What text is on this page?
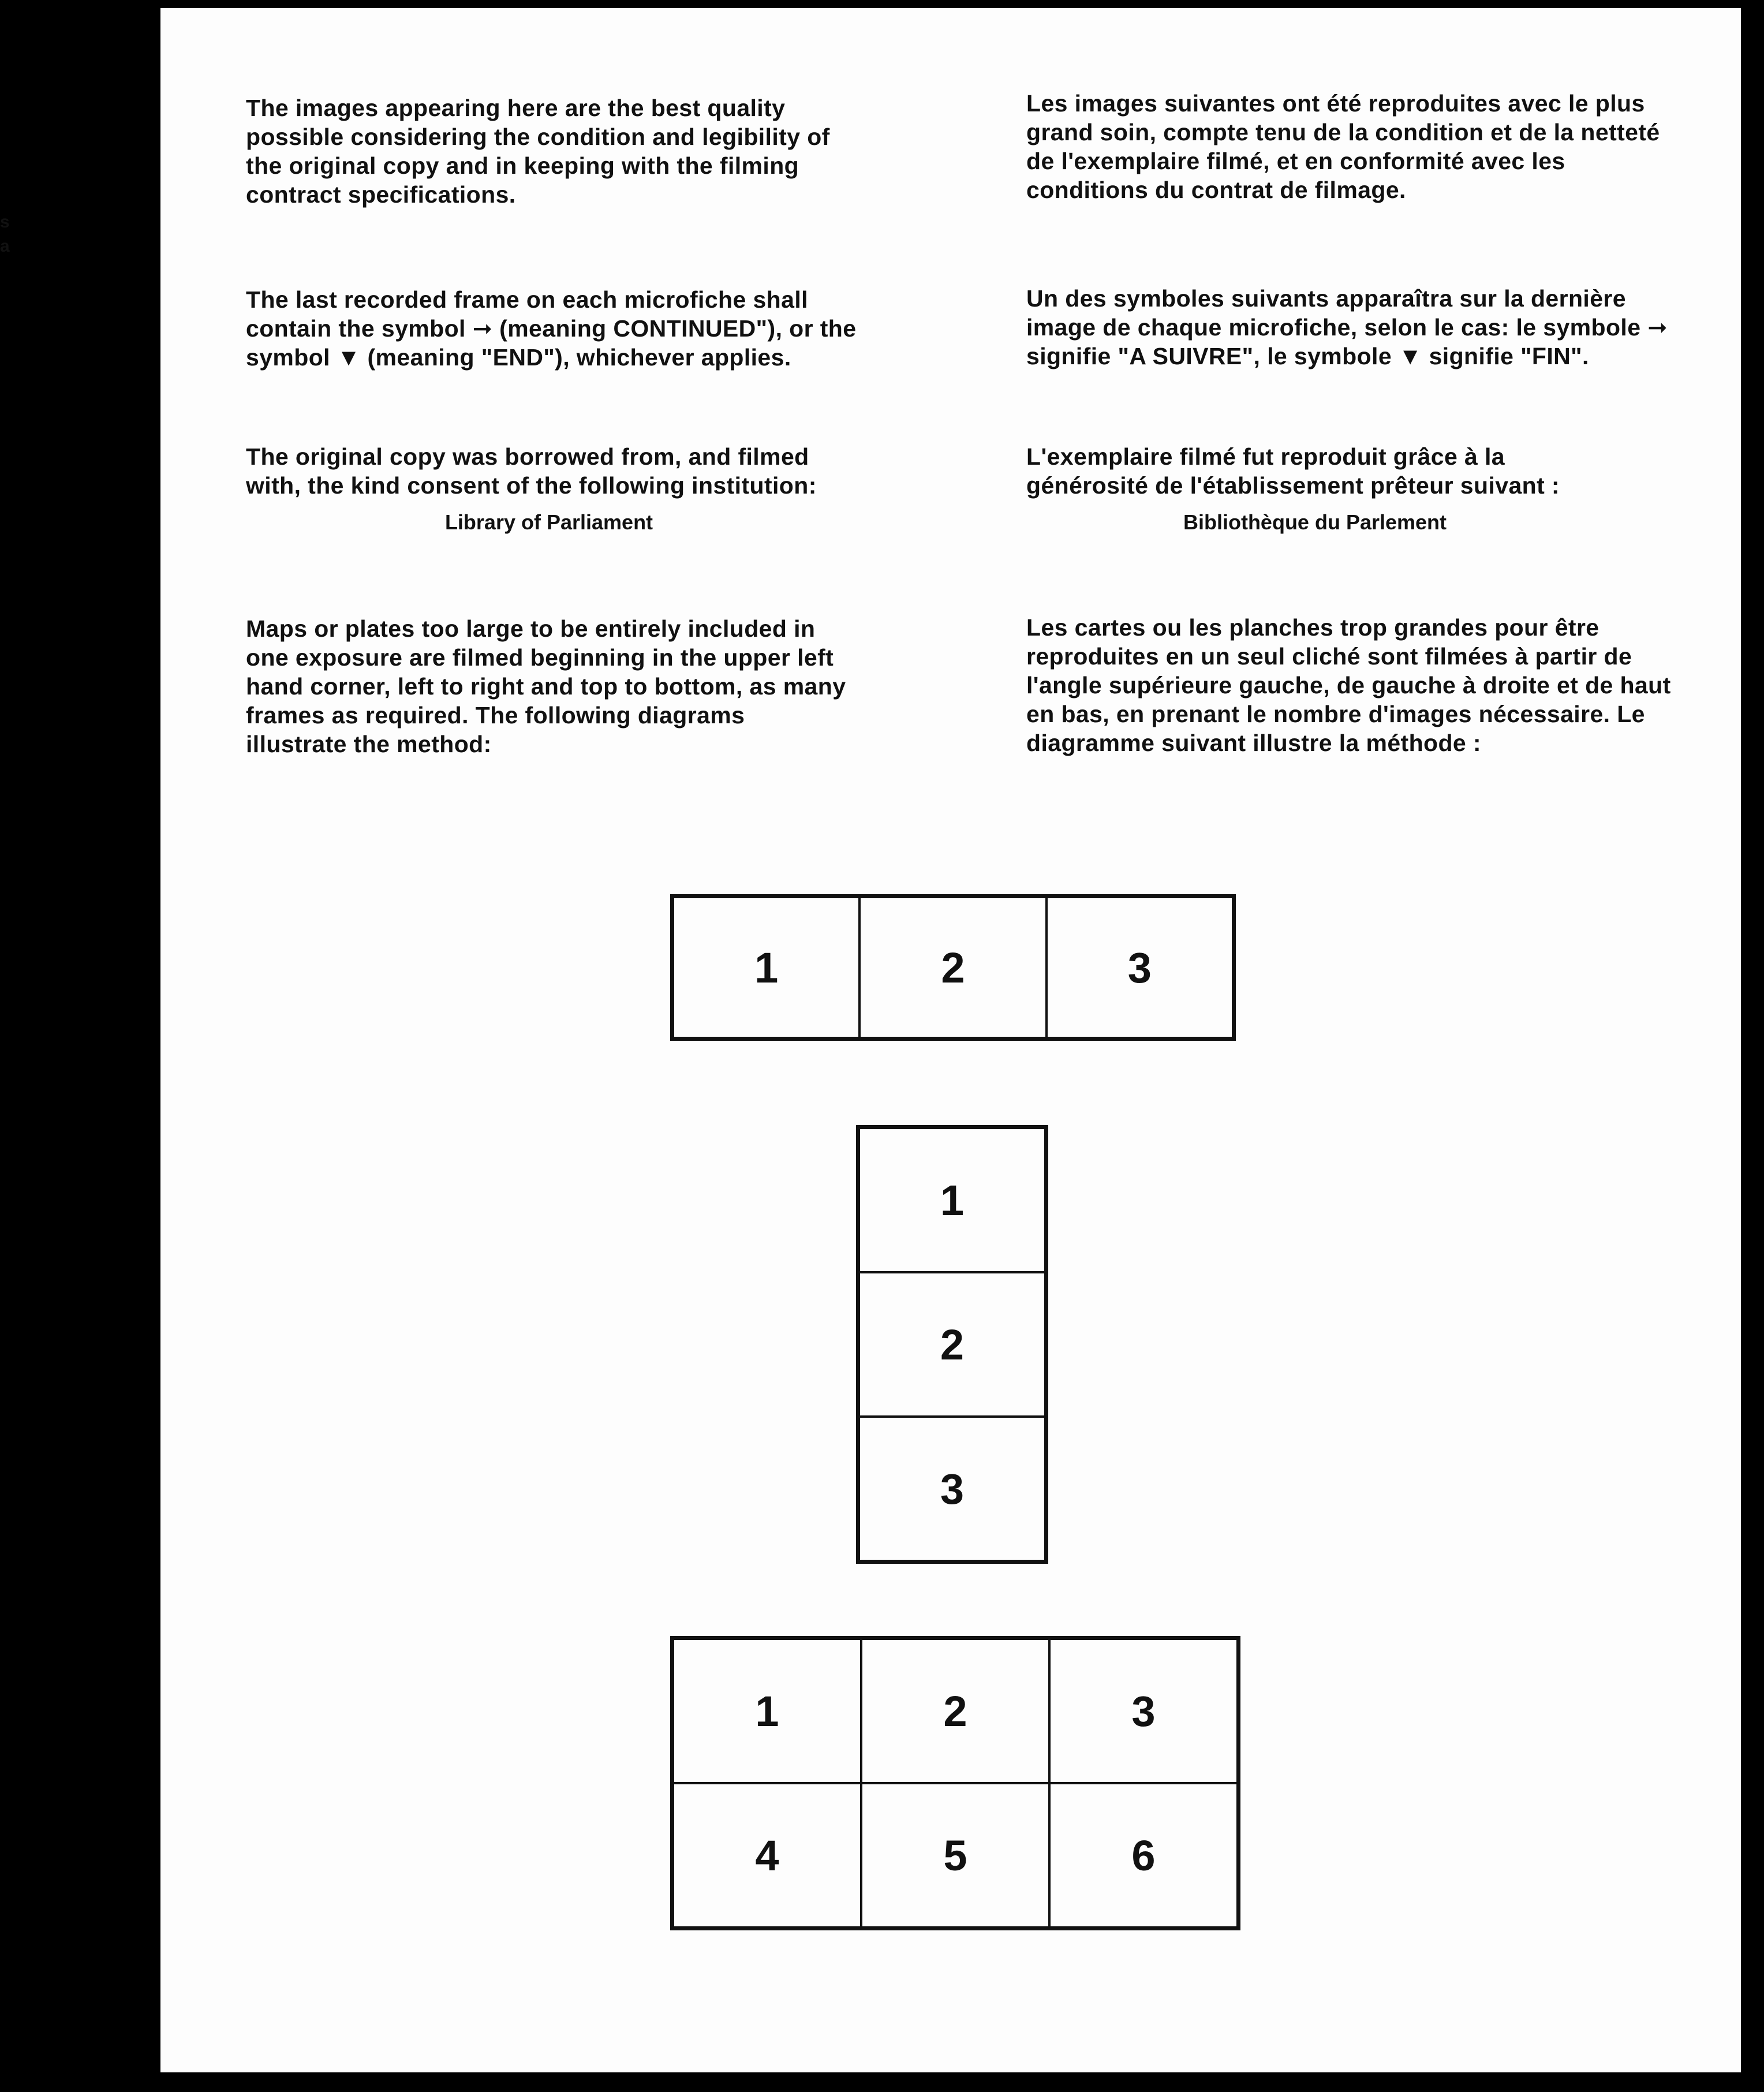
s
a

The images appearing here are the best quality possible considering the condition and legibility of the original copy and in keeping with the filming contract specifications.

The last recorded frame on each microfiche shall contain the symbol ➞ (meaning CONTINUED"), or the symbol ▼ (meaning "END"), whichever applies.

The original copy was borrowed from, and filmed with, the kind consent of the following institution:

Library of Parliament

Maps or plates too large to be entirely included in one exposure are filmed beginning in the upper left hand corner, left to right and top to bottom, as many frames as required. The following diagrams illustrate the method:

Les images suivantes ont été reproduites avec le plus grand soin, compte tenu de la condition et de la netteté de l'exemplaire filmé, et en conformité avec les conditions du contrat de filmage.

Un des symboles suivants apparaîtra sur la dernière image de chaque microfiche, selon le cas: le symbole ➞ signifie "A SUIVRE", le symbole ▼ signifie "FIN".

L'exemplaire filmé fut reproduit grâce à la générosité de l'établissement prêteur suivant :

Bibliothèque du Parlement

Les cartes ou les planches trop grandes pour être reproduites en un seul cliché sont filmées à partir de l'angle supérieure gauche, de gauche à droite et de haut en bas, en prenant le nombre d'images nécessaire. Le diagramme suivant illustre la méthode :

1	2	3
1
2
3
1	2	3
4	5	6
